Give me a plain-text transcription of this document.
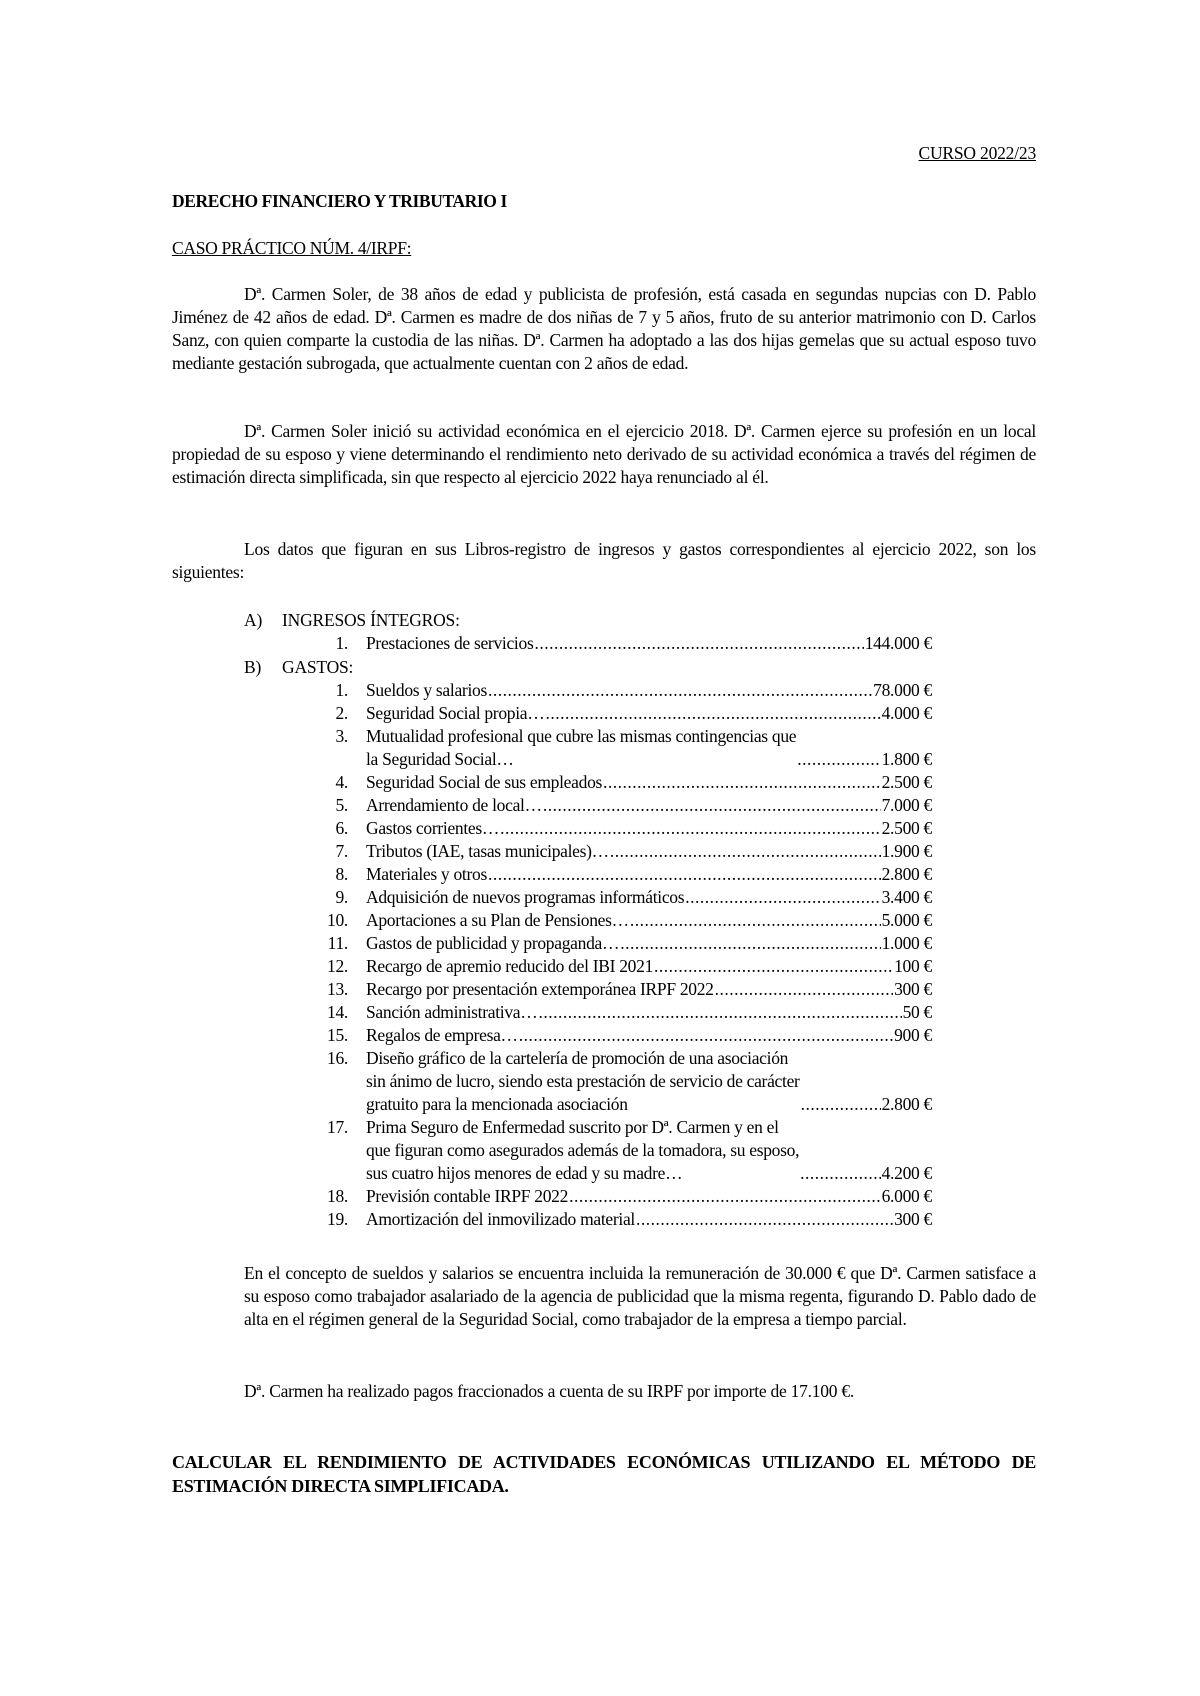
CURSO 2022/23
DERECHO FINANCIERO Y TRIBUTARIO I
CASO PRÁCTICO NÚM. 4/IRPF:

Dª. Carmen Soler, de 38 años de edad y publicista de profesión, está casada en segundas nupcias con D. Pablo Jiménez de 42 años de edad. Dª. Carmen es madre de dos niñas de 7 y 5 años, fruto de su anterior matrimonio con D. Carlos Sanz, con quien comparte la custodia de las niñas. Dª. Carmen ha adoptado a las dos hijas gemelas que su actual esposo tuvo mediante gestación subrogada, que actualmente cuentan con 2 años de edad.

Dª. Carmen Soler inició su actividad económica en el ejercicio 2018. Dª. Carmen ejerce su profesión en un local propiedad de su esposo y viene determinando el rendimiento neto derivado de su actividad económica a través del régimen de estimación directa simplificada, sin que respecto al ejercicio 2022 haya renunciado al él.

Los datos que figuran en sus Libros-registro de ingresos y gastos correspondientes al ejercicio 2022, son los siguientes:

A) INGRESOS ÍNTEGROS:
1.	Prestaciones de servicios .....	144.000 €
B) GASTOS:
1.	Sueldos y salarios .....	78.000 €
2.	Seguridad Social propia… .....	4.000 €
3.	Mutualidad profesional que cubre las mismas contingencias que
la Seguridad Social… .....	1.800 €
4.	Seguridad Social de sus empleados .....	2.500 €
5.	Arrendamiento de local… .....	7.000 €
6.	Gastos corrientes… .....	2.500 €
7.	Tributos (IAE, tasas municipales)… .....	1.900 €
8.	Materiales y otros .....	2.800 €
9.	Adquisición de nuevos programas informáticos .....	3.400 €
10.	Aportaciones a su Plan de Pensiones… .....	5.000 €
11.	Gastos de publicidad y propaganda… .....	1.000 €
12.	Recargo de apremio reducido del IBI 2021 .....	100 €
13.	Recargo por presentación extemporánea IRPF 2022 .....	300 €
14.	Sanción administrativa… .....	50 €
15.	Regalos de empresa… .....	900 €
16.	Diseño gráfico de la cartelería de promoción de una asociación
sin ánimo de lucro, siendo esta prestación de servicio de carácter
gratuito para la mencionada asociación .....	2.800 €
17.	Prima Seguro de Enfermedad suscrito por Dª. Carmen y en el
que figuran como asegurados además de la tomadora, su esposo,
sus cuatro hijos menores de edad y su madre… .....	4.200 €
18.	Previsión contable IRPF 2022 .....	6.000 €
19.	Amortización del inmovilizado material .....	300 €

En el concepto de sueldos y salarios se encuentra incluida la remuneración de 30.000 € que Dª. Carmen satisface a su esposo como trabajador asalariado de la agencia de publicidad que la misma regenta, figurando D. Pablo dado de alta en el régimen general de la Seguridad Social, como trabajador de la empresa a tiempo parcial.

Dª. Carmen ha realizado pagos fraccionados a cuenta de su IRPF por importe de 17.100 €.

CALCULAR EL RENDIMIENTO DE ACTIVIDADES ECONÓMICAS UTILIZANDO EL MÉTODO DE ESTIMACIÓN DIRECTA SIMPLIFICADA.
